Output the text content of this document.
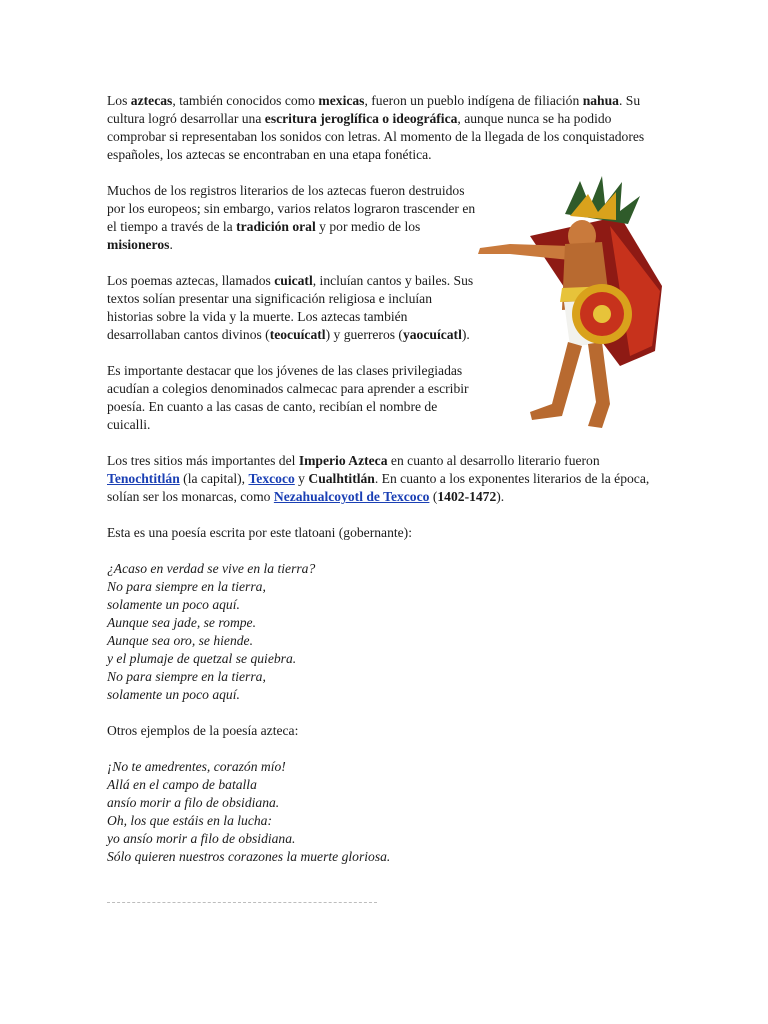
Los aztecas, también conocidos como mexicas, fueron un pueblo indígena de filiación nahua. Su cultura logró desarrollar una escritura jeroglífica o ideográfica, aunque nunca se ha podido comprobar si representaban los sonidos con letras. Al momento de la llegada de los conquistadores españoles, los aztecas se encontraban en una etapa fonética.

Muchos de los registros literarios de los aztecas fueron destruidos por los europeos; sin embargo, varios relatos lograron trascender en el tiempo a través de la tradición oral y por medio de los misioneros.

Los poemas aztecas, llamados cuicatl, incluían cantos y bailes. Sus textos solían presentar una significación religiosa e incluían historias sobre la vida y la muerte. Los aztecas también desarrollaban cantos divinos (teocuícatl) y guerreros (yaocuícatl).

Es importante destacar que los jóvenes de las clases privilegiadas acudían a colegios denominados calmecac para aprender a escribir poesía. En cuanto a las casas de canto, recibían el nombre de cuicalli.

Los tres sitios más importantes del Imperio Azteca en cuanto al desarrollo literario fueron Tenochtitlán (la capital), Texcoco y Cualhtitlán. En cuanto a los exponentes literarios de la época, solían ser los monarcas, como Nezahualcoyotl de Texcoco (1402-1472).

Esta es una poesía escrita por este tlatoani (gobernante):

¿Acaso en verdad se vive en la tierra?
No para siempre en la tierra,
solamente un poco aquí.
Aunque sea jade, se rompe.
Aunque sea oro, se hiende.
y el plumaje de quetzal se quiebra.
No para siempre en la tierra,
solamente un poco aquí.

Otros ejemplos de la poesía azteca:

¡No te amedrentes, corazón mío!
Allá en el campo de batalla
ansío morir a filo de obsidiana.
Oh, los que estáis en la lucha:
yo ansío morir a filo de obsidiana.
Sólo quieren nuestros corazones la muerte gloriosa.
